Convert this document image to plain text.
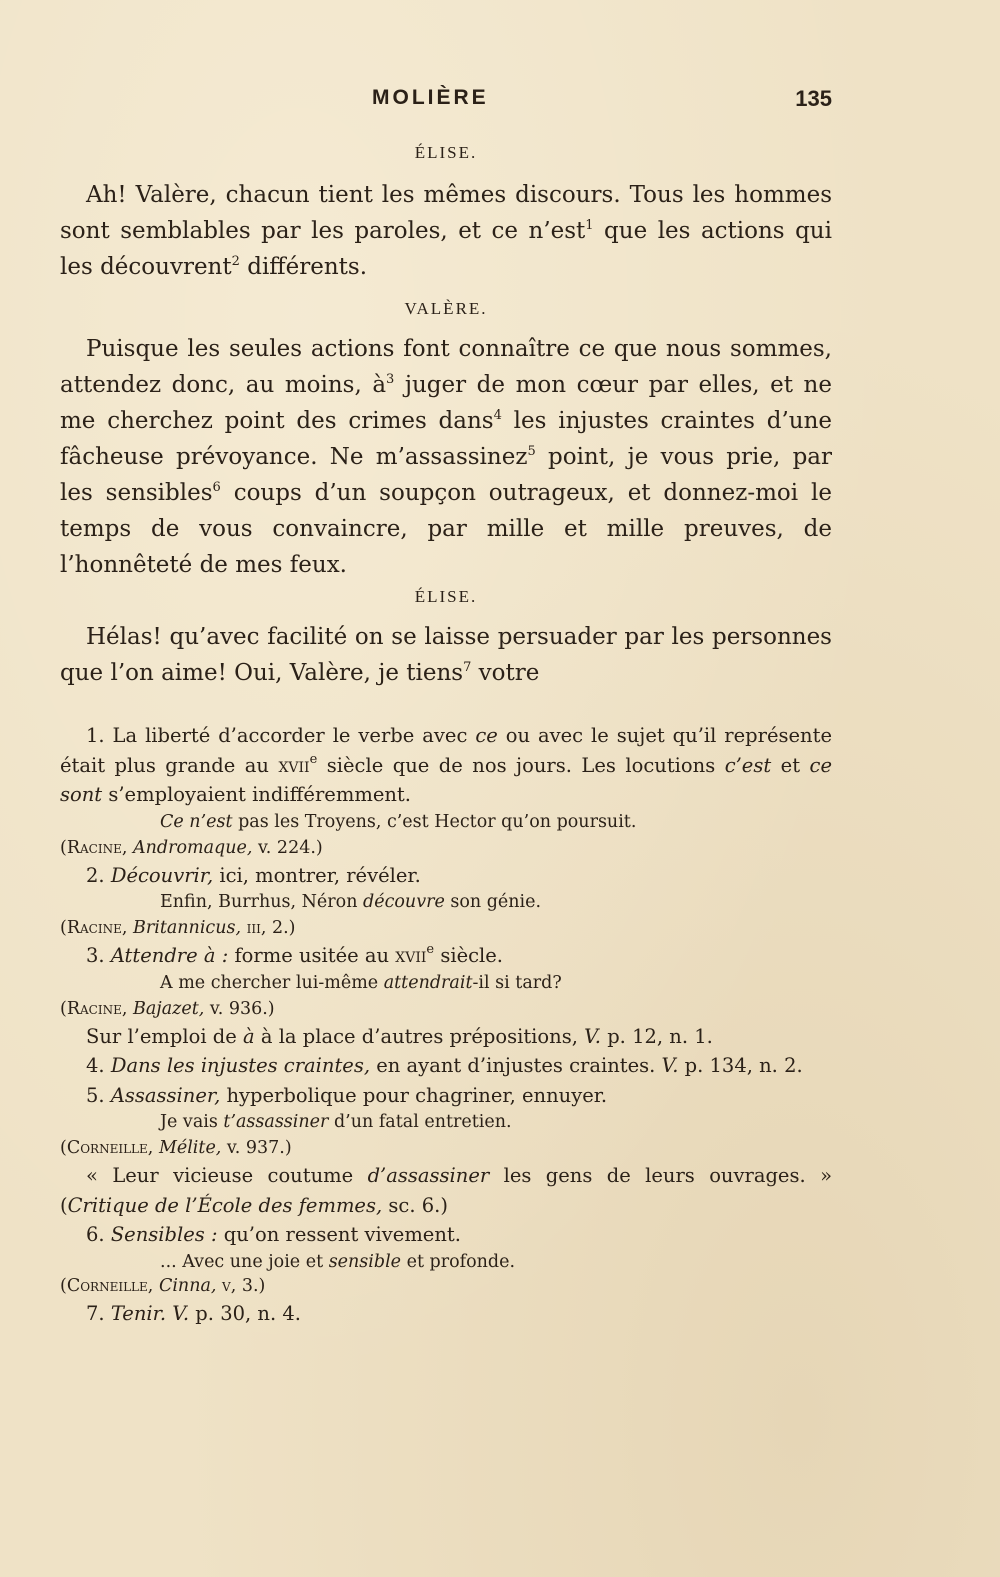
MOLIÈRE	135

ÉLISE.

Ah! Valère, chacun tient les mêmes discours. Tous les hommes sont semblables par les paroles, et ce n’est$^1$ que les actions qui les découvrent$^2$ différents.

VALÈRE.

Puisque les seules actions font connaître ce que nous sommes, attendez donc, au moins, $à^3$ juger de mon cœur par elles, et ne me cherchez point des crimes dans$^4$ les injustes craintes d’une fâcheuse prévoyance. Ne m’assassinez$^5$ point, je vous prie, par les sensibles$^6$ coups d’un soupçon outrageux, et donnez-moi le temps de vous convaincre, par mille et mille preuves, de l’honnêteté de mes feux.

ÉLISE.

Hélas! qu’avec facilité on se laisse persuader par les personnes que l’on aime! Oui, Valère, je tiens$^7$ votre

1. La liberté d’accorder le verbe avec ce ou avec le sujet qu’il représente était plus grande au xvii$^e$ siècle que de nos jours. Les locutions c’est et ce sont s’employaient indifféremment.

Ce n’est pas les Troyens, c’est Hector qu’on poursuit.

(Racine, Andromaque, v. 224.)

2. Découvrir, ici, montrer, révéler.

Enfin, Burrhus, Néron découvre son génie.

(Racine, Britannicus, iii, 2.)

3. Attendre à : forme usitée au xvii$^e$ siècle.

A me chercher lui-même attendrait-il si tard?

(Racine, Bajazet, v. 936.)

Sur l’emploi de à à la place d’autres prépositions, V. p. 12, n. 1.

4. Dans les injustes craintes, en ayant d’injustes craintes. V. p. 134, n. 2.

5. Assassiner, hyperbolique pour chagriner, ennuyer.

Je vais t’assassiner d’un fatal entretien.

(Corneille, Mélite, v. 937.)

« Leur vicieuse coutume d’assassiner les gens de leurs ouvrages. » (Critique de l’École des femmes, sc. 6.)

6. Sensibles : qu’on ressent vivement.

... Avec une joie et sensible et profonde.

(Corneille, Cinna, v, 3.)

7. Tenir. V. p. 30, n. 4.
